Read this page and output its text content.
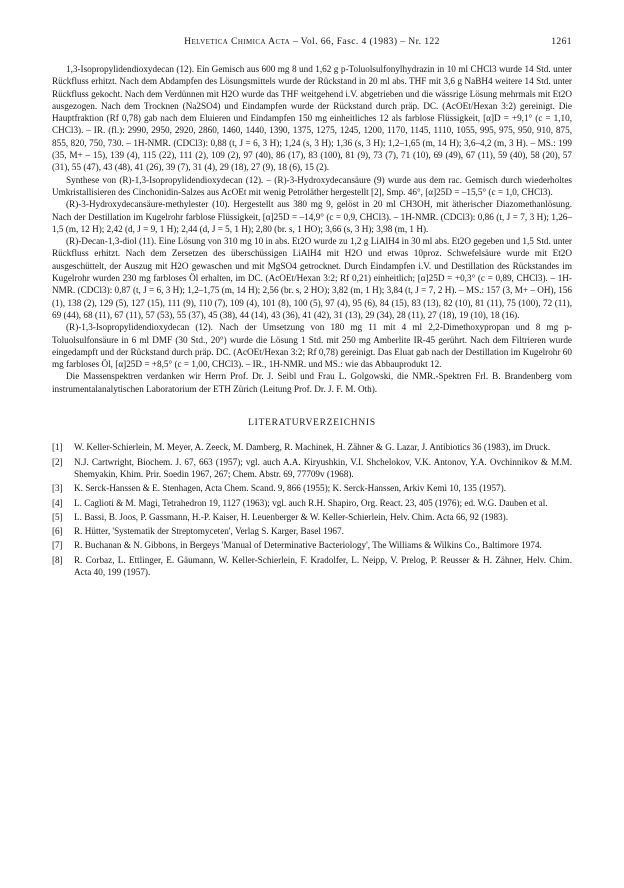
Helvetica Chimica Acta – Vol. 66, Fasc. 4 (1983) – Nr. 122	1261

1,3-Isopropylidendioxydecan (12). Ein Gemisch aus 600 mg 8 und 1,62 g p-Toluolsulfonylhydrazin in 10 ml CHCl3 wurde 14 Std. unter Rückfluss erhitzt. Nach dem Abdampfen des Lösungsmittels wurde der Rückstand in 20 ml abs. THF mit 3,6 g NaBH4 weitere 14 Std. unter Rückfluss gekocht. Nach dem Verdünnen mit H2O wurde das THF weitgehend i.V. abgetrieben und die wässrige Lösung mehrmals mit Et2O ausgezogen. Nach dem Trocknen (Na2SO4) und Eindampfen wurde der Rückstand durch präp. DC. (AcOEt/Hexan 3:2) gereinigt. Die Hauptfraktion (Rf 0,78) gab nach dem Eluieren und Eindampfen 150 mg einheitliches 12 als farblose Flüssigkeit, [α]D = +9,1° (c = 1,10, CHCl3). – IR. (fl.): 2990, 2950, 2920, 2860, 1460, 1440, 1390, 1375, 1275, 1245, 1200, 1170, 1145, 1110, 1055, 995, 975, 950, 910, 875, 855, 820, 750, 730. – 1H-NMR. (CDCl3): 0,88 (t, J = 6, 3 H); 1,24 (s, 3 H); 1,36 (s, 3 H); 1,2–1,65 (m, 14 H); 3,6–4,2 (m, 3 H). – MS.: 199 (35, M+ – 15), 139 (4), 115 (22), 111 (2), 109 (2), 97 (40), 86 (17), 83 (100), 81 (9), 73 (7), 71 (10), 69 (49), 67 (11), 59 (40), 58 (20), 57 (31), 55 (47), 43 (48), 41 (26), 39 (7), 31 (4), 29 (18), 27 (9), 18 (6), 15 (2).

Synthese von (R)-1,3-Isopropylidendioxydecan (12). – (R)-3-Hydroxydecansäure (9) wurde aus dem rac. Gemisch durch wiederholtes Umkristallisieren des Cinchonidin-Salzes aus AcOEt mit wenig Petroläther hergestellt [2], Smp. 46°, [α]25D = –15,5° (c = 1,0, CHCl3).

(R)-3-Hydroxydecansäure-methylester (10). Hergestellt aus 380 mg 9, gelöst in 20 ml CH3OH, mit ätherischer Diazomethanlösung. Nach der Destillation im Kugelrohr farblose Flüssigkeit, [α]25D = –14,9° (c = 0,9, CHCl3). – 1H-NMR. (CDCl3): 0,86 (t, J = 7, 3 H); 1,26–1,5 (m, 12 H); 2,42 (d, J = 9, 1 H); 2,44 (d, J = 5, 1 H); 2,80 (br. s, 1 HO); 3,66 (s, 3 H); 3,98 (m, 1 H).

(R)-Decan-1,3-diol (11). Eine Lösung von 310 mg 10 in abs. Et2O wurde zu 1,2 g LiAlH4 in 30 ml abs. Et2O gegeben und 1,5 Std. unter Rückfluss erhitzt. Nach dem Zersetzen des überschüssigen LiAlH4 mit H2O und etwas 10proz. Schwefelsäure wurde mit Et2O ausgeschüttelt, der Auszug mit H2O gewaschen und mit MgSO4 getrocknet. Durch Eindampfen i.V. und Destillation des Rückstandes im Kugelrohr wurden 230 mg farbloses Öl erhalten, im DC. (AcOEt/Hexan 3:2; Rf 0,21) einheitlich; [α]25D = +0,3° (c = 0,89, CHCl3). – 1H-NMR. (CDCl3): 0,87 (t, J = 6, 3 H); 1,2–1,75 (m, 14 H); 2,56 (br. s, 2 HO); 3,82 (m, 1 H); 3,84 (t, J = 7, 2 H). – MS.: 157 (3, M+ – OH), 156 (1), 138 (2), 129 (5), 127 (15), 111 (9), 110 (7), 109 (4), 101 (8), 100 (5), 97 (4), 95 (6), 84 (15), 83 (13), 82 (10), 81 (11), 75 (100), 72 (11), 69 (44), 68 (11), 67 (11), 57 (53), 55 (37), 45 (38), 44 (14), 43 (36), 41 (42), 31 (13), 29 (34), 28 (11), 27 (18), 19 (10), 18 (16).

(R)-1,3-Isopropylidendioxydecan (12). Nach der Umsetzung von 180 mg 11 mit 4 ml 2,2-Dimethoxypropan und 8 mg p-Toluolsulfonsäure in 6 ml DMF (30 Std., 20°) wurde die Lösung 1 Std. mit 250 mg Amberlite IR-45 gerührt. Nach dem Filtrieren wurde eingedampft und der Rückstand durch präp. DC. (AcOEt/Hexan 3:2; Rf 0,78) gereinigt. Das Eluat gab nach der Destillation im Kugelrohr 60 mg farbloses Öl, [α]25D = +8,5° (c = 1,00, CHCl3). – IR., 1H-NMR. und MS.: wie das Abbauprodukt 12.

Die Massenspektren verdanken wir Herrn Prof. Dr. J. Seibl und Frau L. Golgowski, die NMR.-Spektren Frl. B. Brandenberg vom instrumentalanalytischen Laboratorium der ETH Zürich (Leitung Prof. Dr. J. F. M. Oth).

LITERATURVERZEICHNIS
[1] W. Keller-Schierlein, M. Meyer, A. Zeeck, M. Damberg, R. Machinek, H. Zähner & G. Lazar, J. Antibiotics 36 (1983), im Druck.
[2] N.J. Cartwright, Biochem. J. 67, 663 (1957); vgl. auch A.A. Kiryushkin, V.I. Shchelokov, V.K. Antonov, Y.A. Ovchinnikov & M.M. Shemyakin, Khim. Prir. Soedin 1967, 267; Chem. Abstr. 69, 77709v (1968).
[3] K. Serck-Hanssen & E. Stenhagen, Acta Chem. Scand. 9, 866 (1955); K. Serck-Hanssen, Arkiv Kemi 10, 135 (1957).
[4] L. Caglioti & M. Magi, Tetrahedron 19, 1127 (1963); vgl. auch R.H. Shapiro, Org. React. 23, 405 (1976); ed. W.G. Dauben et al.
[5] L. Bassi, B. Joos, P. Gassmann, H.-P. Kaiser, H. Leuenberger & W. Keller-Schierlein, Helv. Chim. Acta 66, 92 (1983).
[6] R. Hütter, 'Systematik der Streptomyceten', Verlag S. Karger, Basel 1967.
[7] R. Buchanan & N. Gibbons, in Bergeys 'Manual of Determinative Bacteriology', The Williams & Wilkins Co., Baltimore 1974.
[8] R. Corbaz, L. Ettlinger, E. Gäumann, W. Keller-Schierlein, F. Kradolfer, L. Neipp, V. Prelog, P. Reusser & H. Zähner, Helv. Chim. Acta 40, 199 (1957).
